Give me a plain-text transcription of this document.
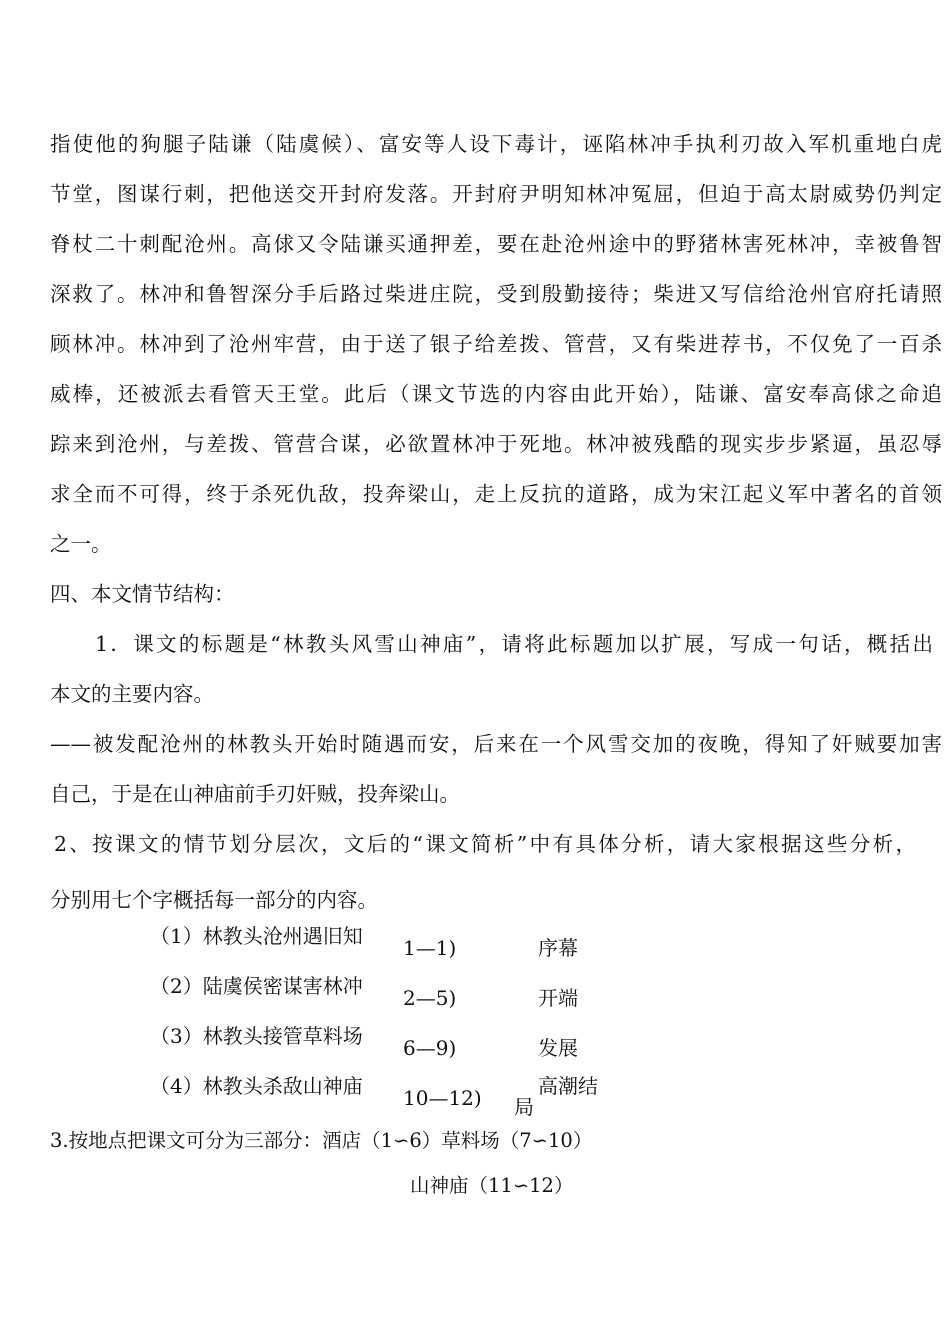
指使他的狗腿子陆谦（陆虞候）、富安等人设下毒计，诬陷林冲手执利刃故入军机重地白虎
节堂，图谋行刺，把他送交开封府发落。开封府尹明知林冲冤屈，但迫于高太尉威势仍判定
脊杖二十刺配沧州。高俅又令陆谦买通押差，要在赴沧州途中的野猪林害死林冲，幸被鲁智
深救了。林冲和鲁智深分手后路过柴进庄院，受到殷勤接待；柴进又写信给沧州官府托请照
顾林冲。林冲到了沧州牢营，由于送了银子给差拨、管营，又有柴进荐书，不仅免了一百杀
威棒，还被派去看管天王堂。此后（课文节选的内容由此开始），陆谦、富安奉高俅之命追
踪来到沧州，与差拨、管营合谋，必欲置林冲于死地。林冲被残酷的现实步步紧逼，虽忍辱
求全而不可得，终于杀死仇敌，投奔梁山，走上反抗的道路，成为宋江起义军中著名的首领
之一。
四、本文情节结构：
1．课文的标题是“林教头风雪山神庙”，请将此标题加以扩展，写成一句话，概括出
本文的主要内容。
——被发配沧州的林教头开始时随遇而安，后来在一个风雪交加的夜晚，得知了奸贼要加害
自己，于是在山神庙前手刃奸贼，投奔梁山。
2、按课文的情节划分层次，文后的“课文简析”中有具体分析，请大家根据这些分析，
分别用七个字概括每一部分的内容。
（1）林教头沧州遇旧知
（2）陆虞侯密谋害林冲
（3）林教头接管草料场
（4）林教头杀敌山神庙
1—1)
2—5)
6—9)
10—12)
序幕
开端
发展
高潮结
局
3.按地点把课文可分为三部分：酒店（1∽6）草料场（7∽10）
山神庙（11∽12）
